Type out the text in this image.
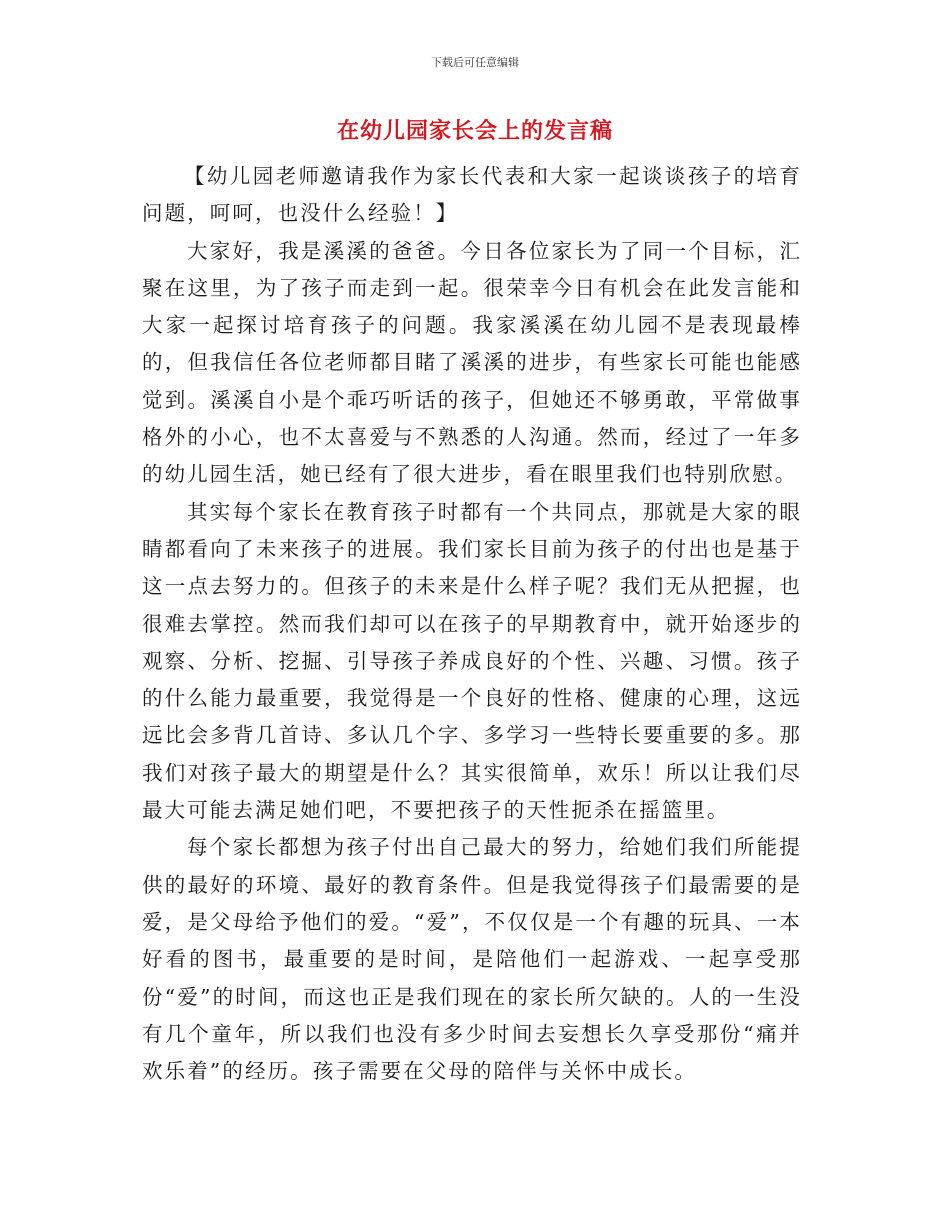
下载后可任意编辑
在幼儿园家长会上的发言稿

【幼儿园老师邀请我作为家长代表和大家一起谈谈孩子的培育问题，呵呵，也没什么经验！】

大家好，我是溪溪的爸爸。今日各位家长为了同一个目标，汇聚在这里，为了孩子而走到一起。很荣幸今日有机会在此发言能和大家一起探讨培育孩子的问题。我家溪溪在幼儿园不是表现最棒的，但我信任各位老师都目睹了溪溪的进步，有些家长可能也能感觉到。溪溪自小是个乖巧听话的孩子，但她还不够勇敢，平常做事格外的小心，也不太喜爱与不熟悉的人沟通。然而，经过了一年多的幼儿园生活，她已经有了很大进步，看在眼里我们也特别欣慰。

其实每个家长在教育孩子时都有一个共同点，那就是大家的眼睛都看向了未来孩子的进展。我们家长目前为孩子的付出也是基于这一点去努力的。但孩子的未来是什么样子呢？我们无从把握，也很难去掌控。然而我们却可以在孩子的早期教育中，就开始逐步的观察、分析、挖掘、引导孩子养成良好的个性、兴趣、习惯。孩子的什么能力最重要，我觉得是一个良好的性格、健康的心理，这远远比会多背几首诗、多认几个字、多学习一些特长要重要的多。那我们对孩子最大的期望是什么？其实很简单，欢乐！所以让我们尽最大可能去满足她们吧，不要把孩子的天性扼杀在摇篮里。

每个家长都想为孩子付出自己最大的努力，给她们我们所能提供的最好的环境、最好的教育条件。但是我觉得孩子们最需要的是爱，是父母给予他们的爱。“爱”，不仅仅是一个有趣的玩具、一本好看的图书，最重要的是时间，是陪他们一起游戏、一起享受那份“爱”的时间，而这也正是我们现在的家长所欠缺的。人的一生没有几个童年，所以我们也没有多少时间去妄想长久享受那份“痛并欢乐着”的经历。孩子需要在父母的陪伴与关怀中成长。
